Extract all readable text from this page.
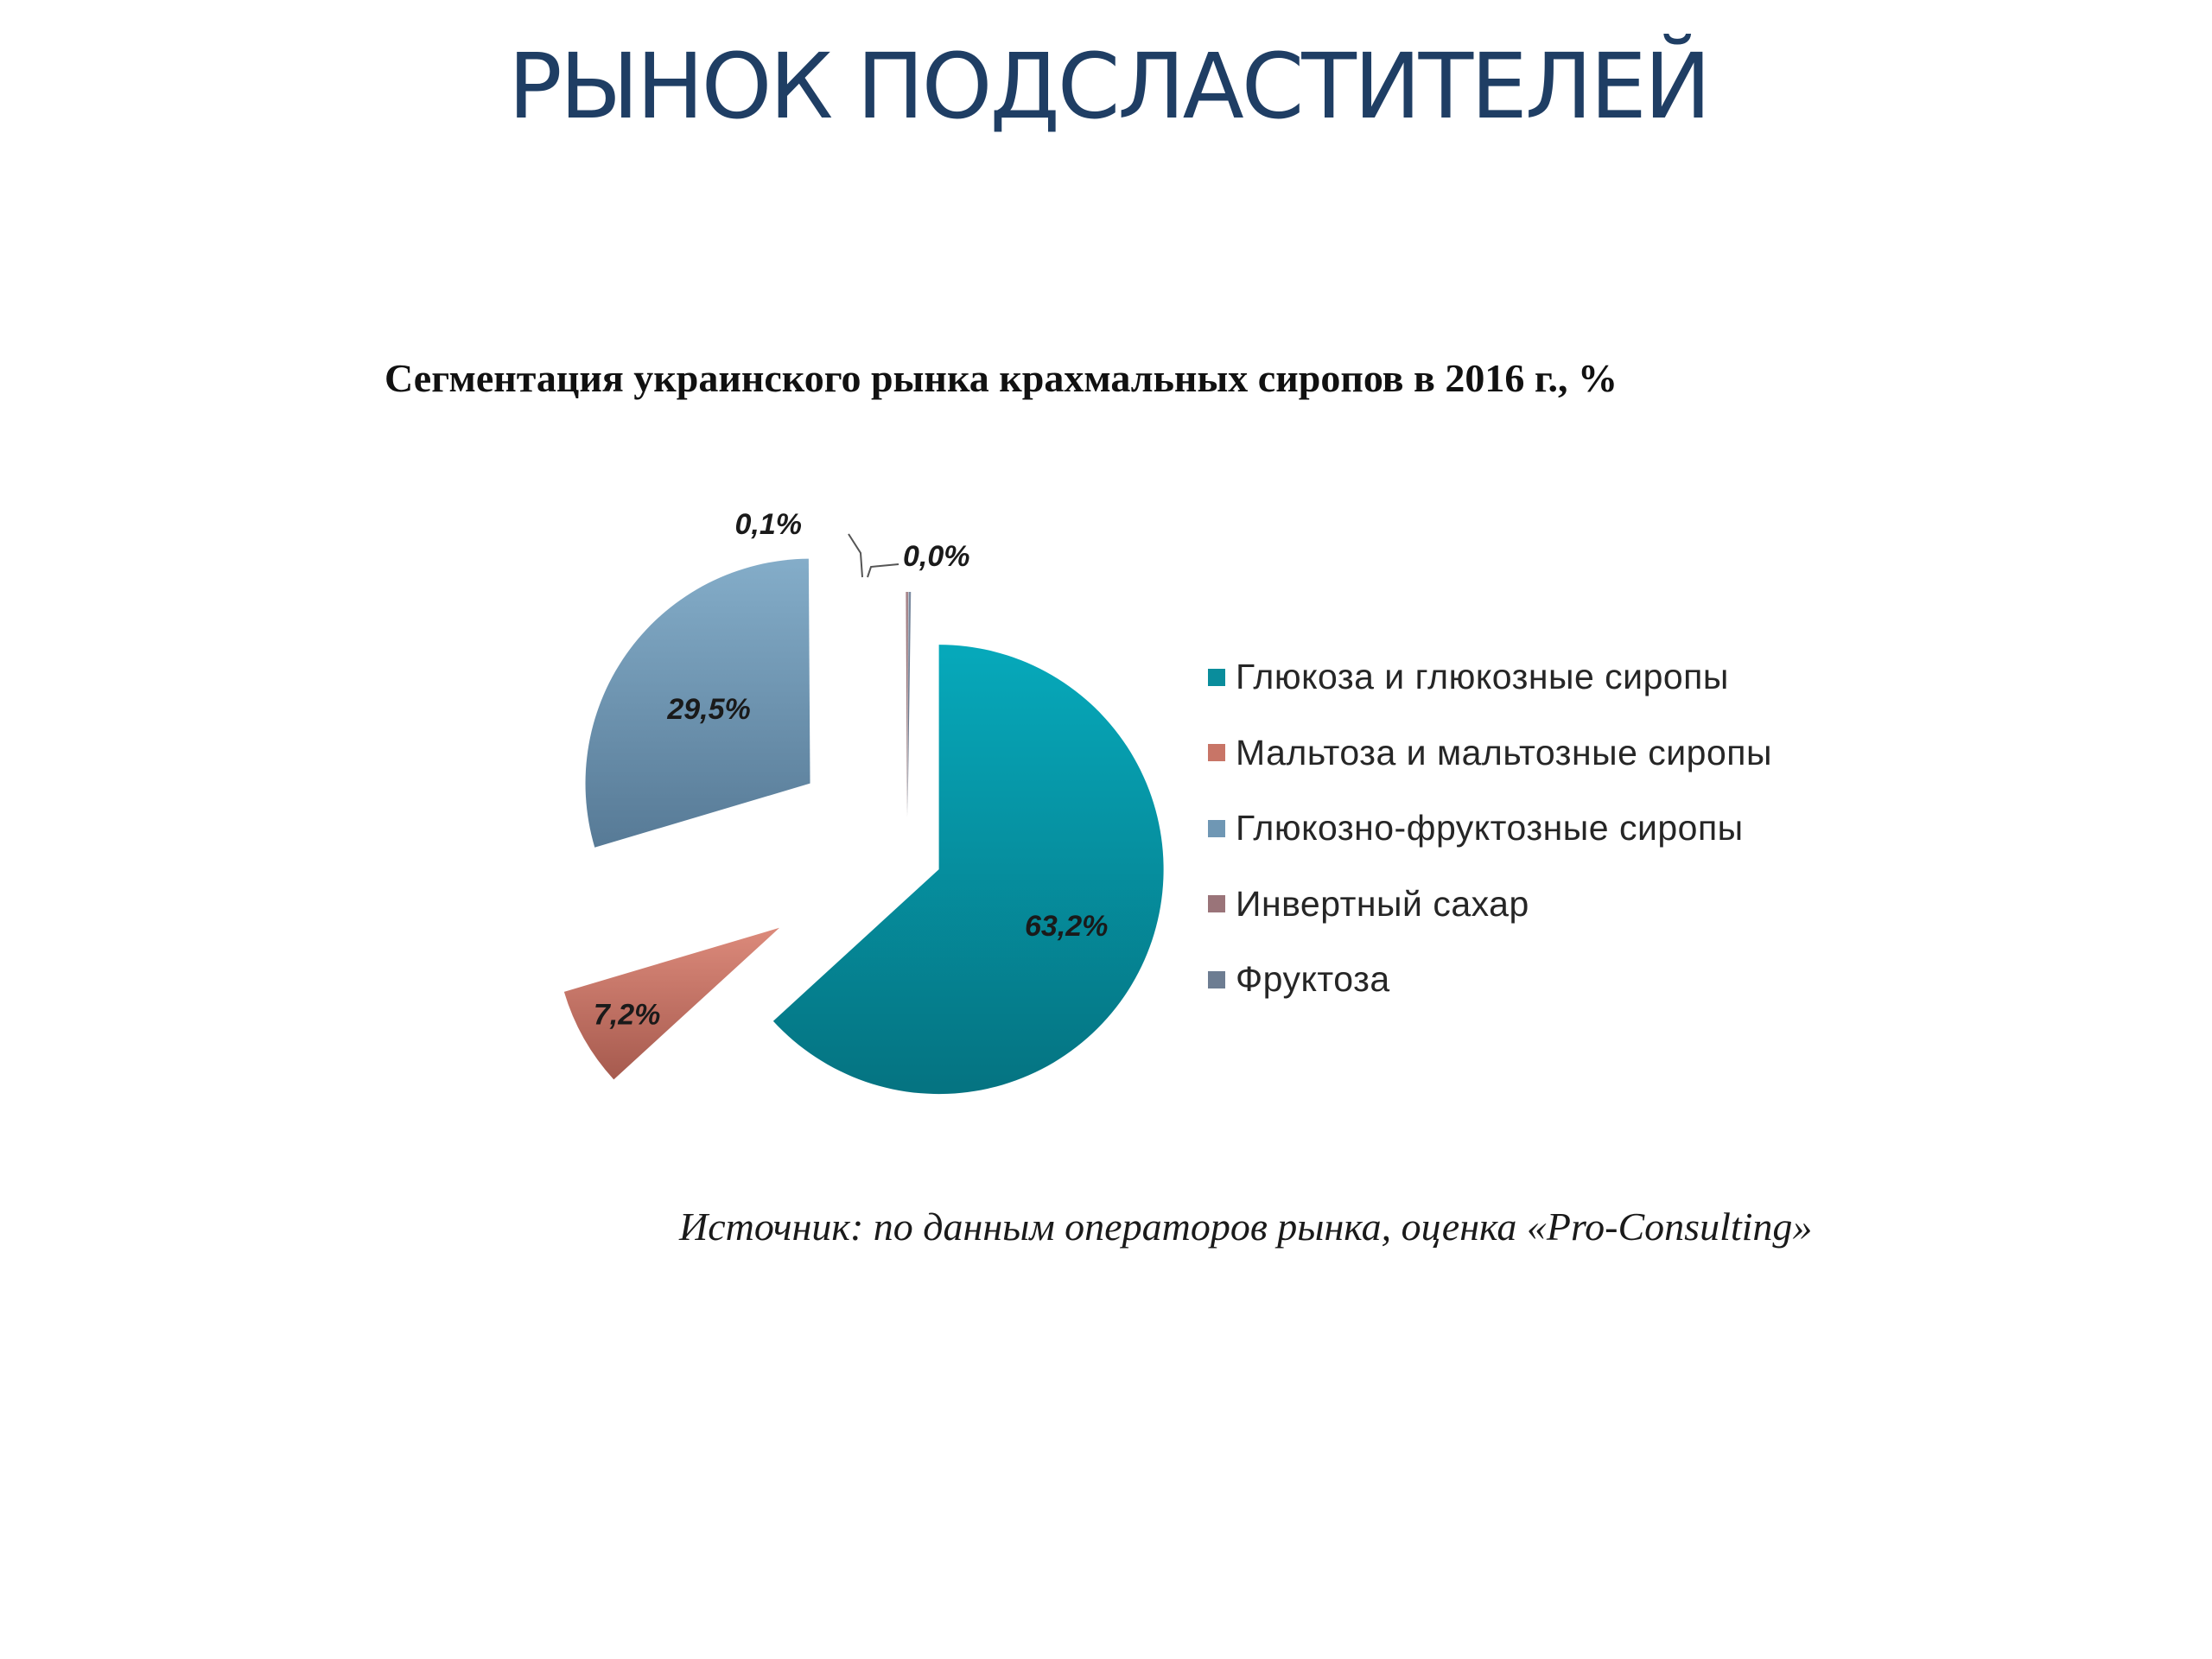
РЫНОК ПОДСЛАСТИТЕЛЕЙ
Сегментация украинского рынка крахмальных сиропов в 2016 г., %
63,2%
7,2%
29,5%
0,1%
0,0%
Глюкоза и глюкозные сиропы
Мальтоза и мальтозные сиропы
Глюкозно-фруктозные сиропы
Инвертный сахар
Фруктоза

Источник: по данным операторов рынка, оценка «Pro-Consulting»
